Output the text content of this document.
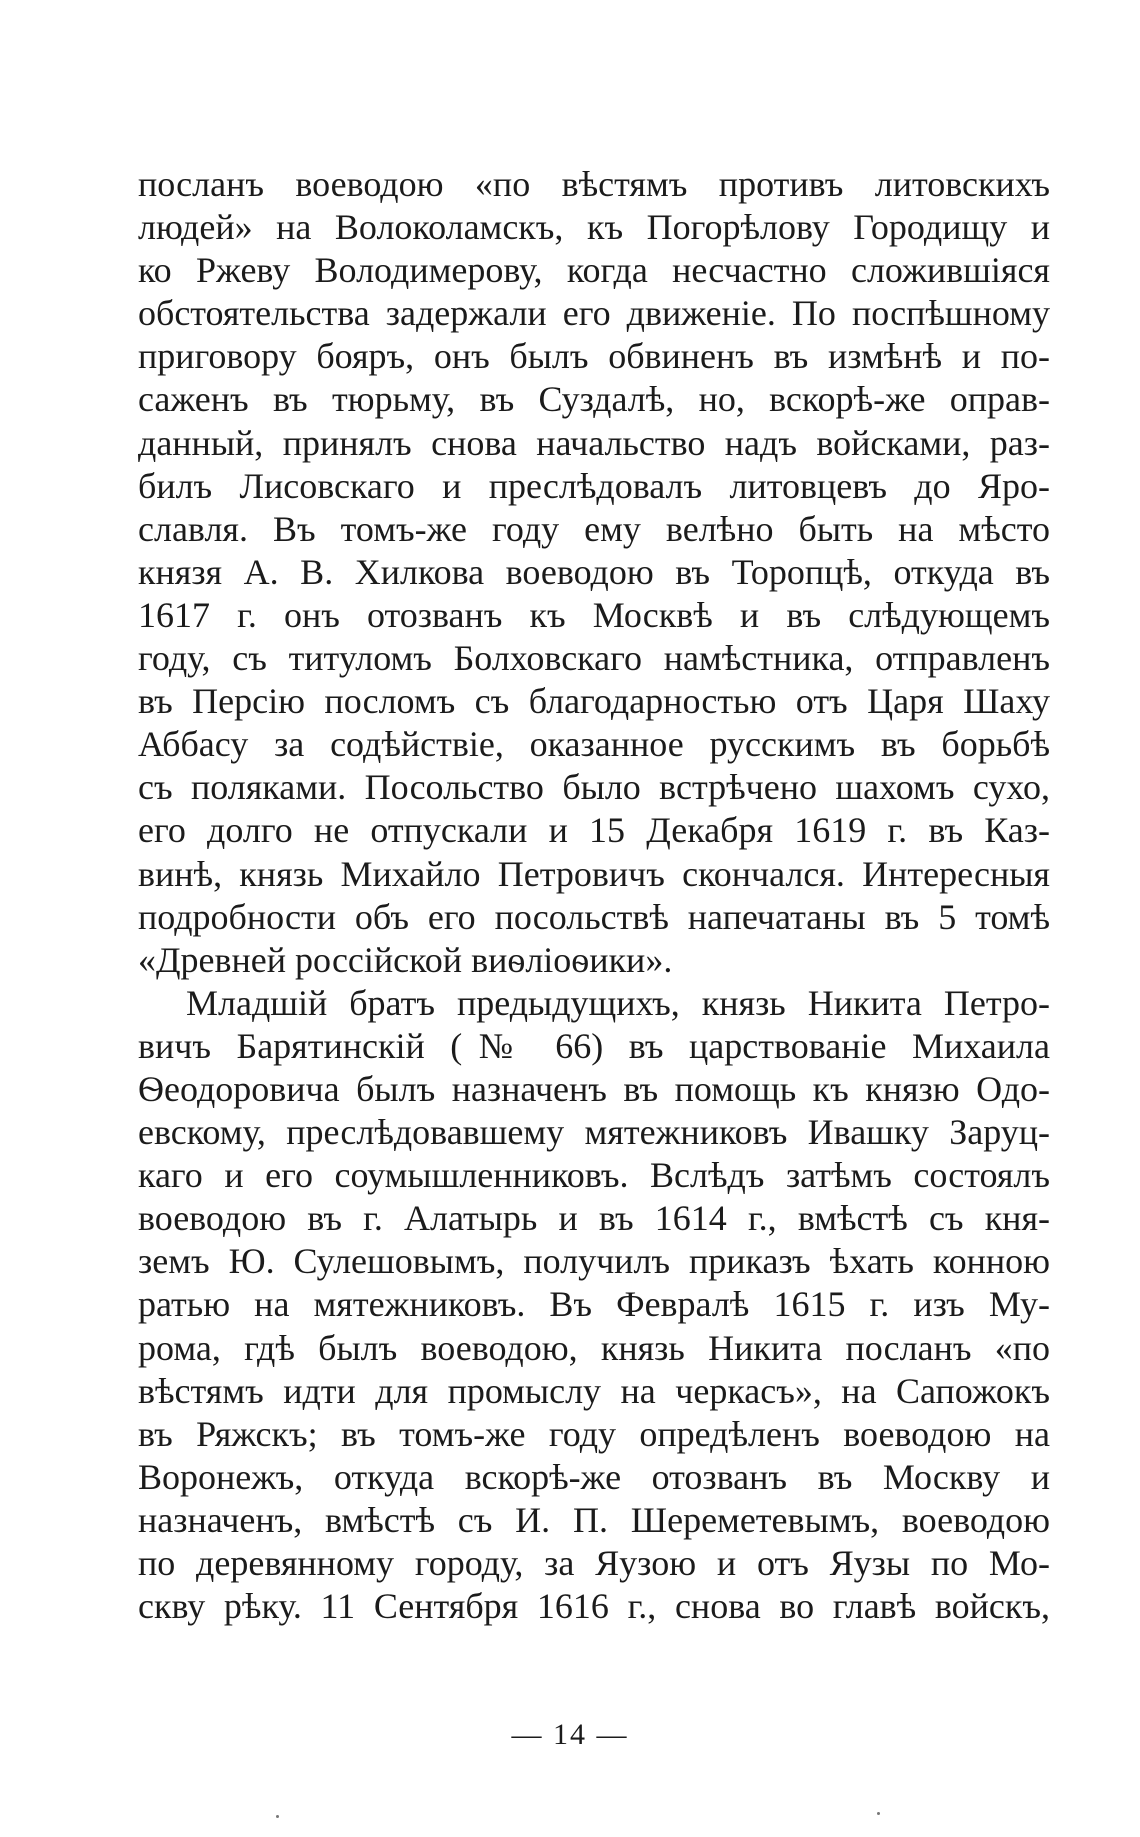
посланъ воеводою «по вѣстямъ противъ литовскихъ
людей» на Волоколамскъ, къ Погорѣлову Городищу и
ко Ржеву Володимерову, когда несчастно сложившіяся
обстоятельства задержали его движеніе. По поспѣшному
приговору бояръ, онъ былъ обвиненъ въ измѣнѣ и по-
саженъ въ тюрьму, въ Суздалѣ, но, вскорѣ-же оправ-
данный, принялъ снова начальство надъ войсками, раз-
билъ Лисовскаго и преслѣдовалъ литовцевъ до Яро-
славля. Въ томъ-же году ему велѣно быть на мѣсто
князя А. В. Хилкова воеводою въ Торопцѣ, откуда въ
1617 г. онъ отозванъ къ Москвѣ и въ слѣдующемъ
году, съ титуломъ Болховскаго намѣстника, отправленъ
въ Персію посломъ съ благодарностью отъ Царя Шаху
Аббасу за содѣйствіе, оказанное русскимъ въ борьбѣ
съ поляками. Посольство было встрѣчено шахомъ сухо,
его долго не отпускали и 15 Декабря 1619 г. въ Каз-
винѣ, князь Михайло Петровичъ скончался. Интересныя
подробности объ его посольствѣ напечатаны въ 5 томѣ
«Древней россійской виѳліоѳики».
Младшій братъ предыдущихъ, князь Никита Петро-
вичъ Барятинскій (№ 66) въ царствованіе Михаила
Ѳеодоровича былъ назначенъ въ помощь къ князю Одо-
евскому, преслѣдовавшему мятежниковъ Ивашку Заруц-
каго и его соумышленниковъ. Вслѣдъ затѣмъ состоялъ
воеводою въ г. Алатырь и въ 1614 г., вмѣстѣ съ кня-
земъ Ю. Сулешовымъ, получилъ приказъ ѣхать конною
ратью на мятежниковъ. Въ Февралѣ 1615 г. изъ Му-
рома, гдѣ былъ воеводою, князь Никита посланъ «по
вѣстямъ идти для промыслу на черкасъ», на Сапожокъ
въ Ряжскъ; въ томъ-же году опредѣленъ воеводою на
Воронежъ, откуда вскорѣ-же отозванъ въ Москву и
назначенъ, вмѣстѣ съ И. П. Шереметевымъ, воеводою
по деревянному городу, за Яузою и отъ Яузы по Мо-
скву рѣку. 11 Сентября 1616 г., снова во главѣ войскъ,
— 14 —
